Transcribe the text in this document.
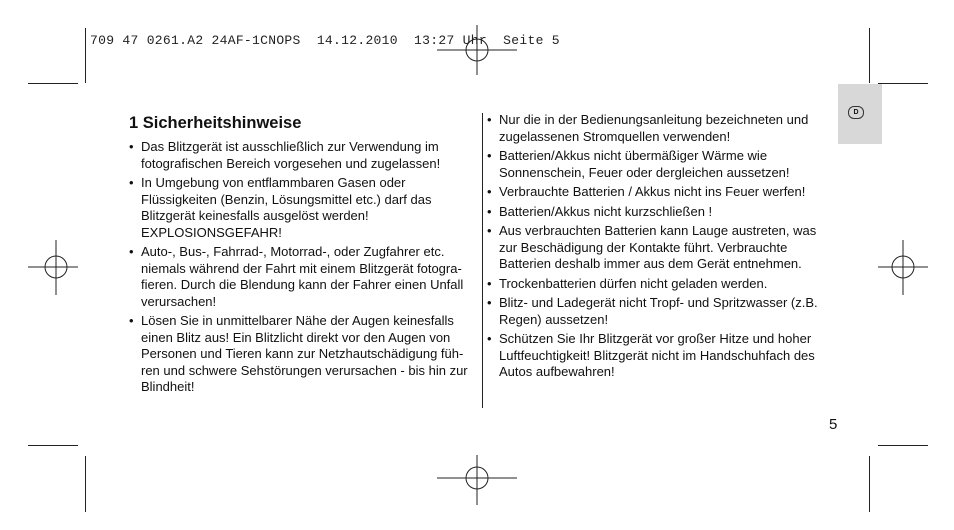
709 47 0261.A2 24AF-1CNOPS  14.12.2010  13:27 Uhr  Seite 5
D
1 Sicherheitshinweise
• Das Blitzgerät ist ausschließlich zur Verwendung im fotografischen Bereich vorgesehen und zugelassen!
• In Umgebung von entflammbaren Gasen oder Flüssigkeiten (Benzin, Lösungsmittel etc.) darf das Blitzgerät keinesfalls ausgelöst werden! EXPLOSIONSGEFAHR!
• Auto-, Bus-, Fahrrad-, Motorrad-, oder Zugfahrer etc. niemals während der Fahrt mit einem Blitzgerät fotogra-fieren. Durch die Blendung kann der Fahrer einen Unfall verursachen!
• Lösen Sie in unmittelbarer Nähe der Augen keinesfalls einen Blitz aus! Ein Blitzlicht direkt vor den Augen von Personen und Tieren kann zur Netzhautschädigung füh-ren und schwere Sehstörungen verursachen - bis hin zur Blindheit!
• Nur die in der Bedienungsanleitung bezeichneten und zugelassenen Stromquellen verwenden!
• Batterien/Akkus nicht übermäßiger Wärme wie Sonnenschein, Feuer oder dergleichen aussetzen!
• Verbrauchte Batterien / Akkus nicht ins Feuer werfen!
• Batterien/Akkus nicht kurzschließen !
• Aus verbrauchten Batterien kann Lauge austreten, was zur Beschädigung der Kontakte führt. Verbrauchte Batterien deshalb immer aus dem Gerät entnehmen.
• Trockenbatterien dürfen nicht geladen werden.
• Blitz- und Ladegerät nicht Tropf- und Spritzwasser (z.B. Regen) aussetzen!
• Schützen Sie Ihr Blitzgerät vor großer Hitze und hoher Luftfeuchtigkeit! Blitzgerät nicht im Handschuhfach des Autos aufbewahren!
5
